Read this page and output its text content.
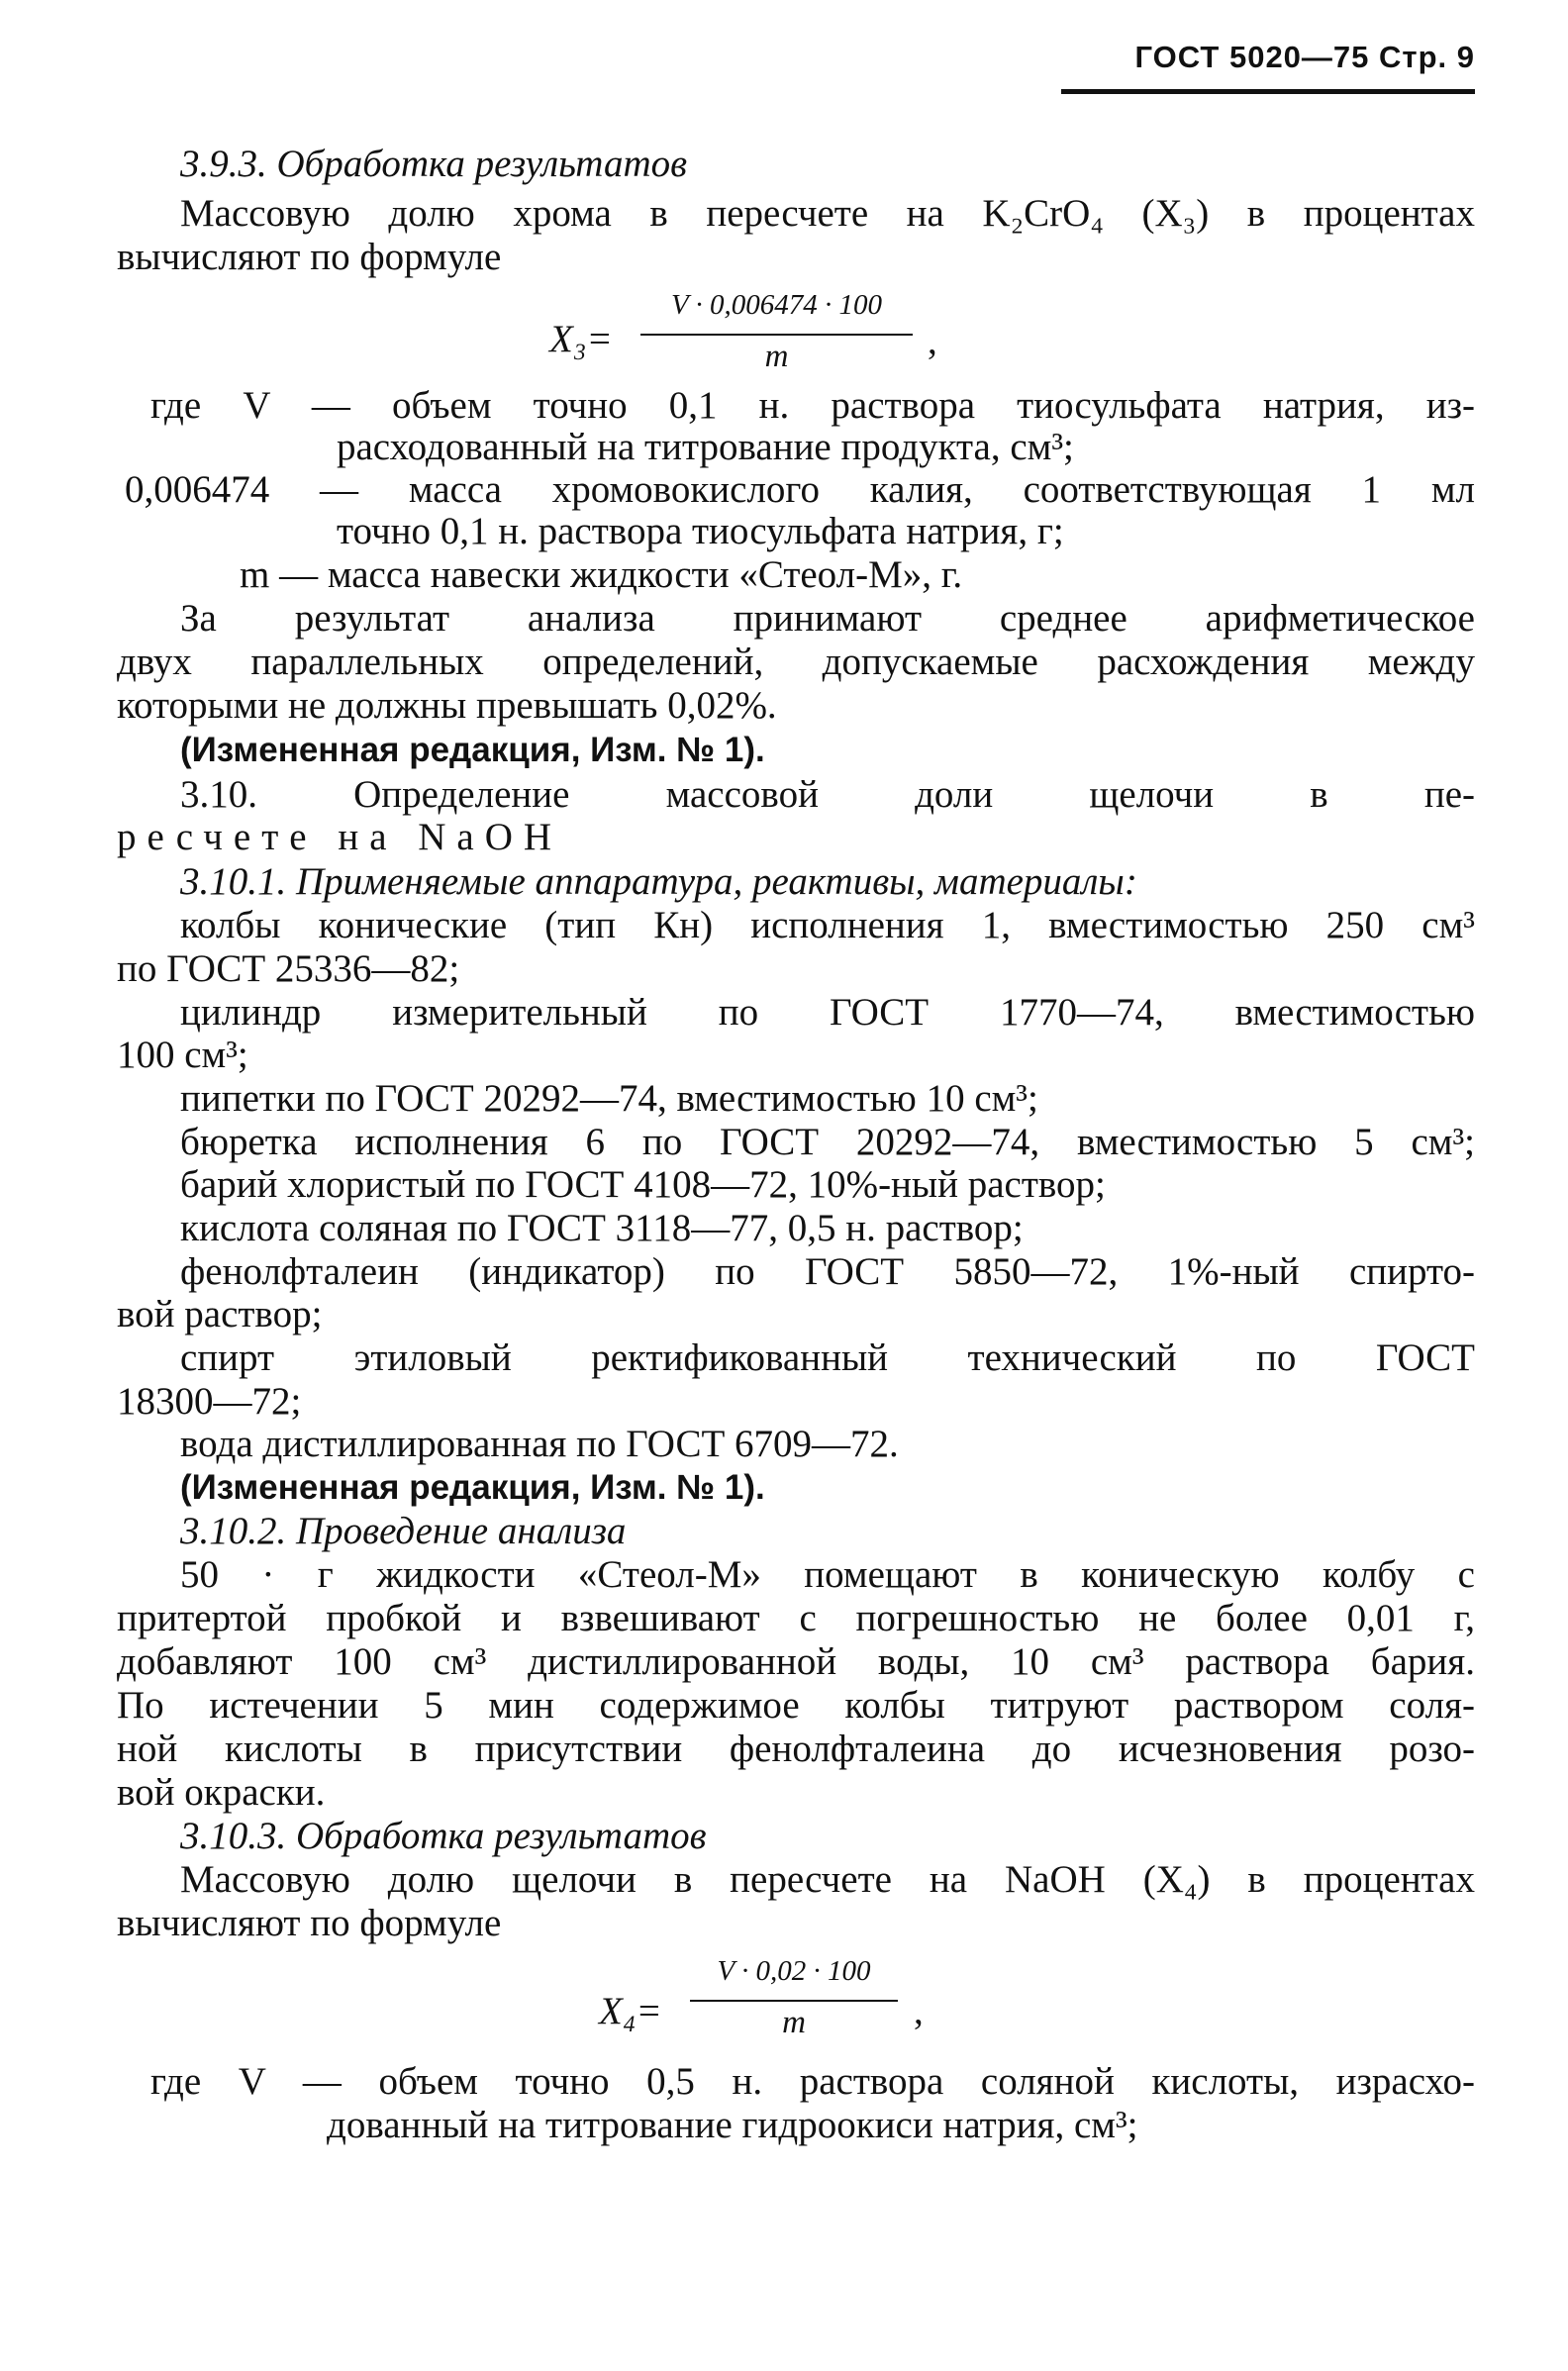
ГОСТ 5020—75 Стр. 9
3.9.3. Обработка результатов
Массовую долю хрома в пересчете на K₂CrO₄ (X₃) в процентах
вычисляют по формуле
X₃=
V · 0,006474 · 100
m	,
где V — объем точно 0,1 н. раствора тиосульфата натрия, из-
расходованный на титрование продукта, см³;
0,006474 — масса хромовокислого калия, соответствующая 1 мл
точно 0,1 н. раствора тиосульфата натрия, г;
m — масса навески жидкости «Стеол-М», г.
За результат анализа принимают среднее арифметическое
двух параллельных определений, допускаемые расхождения между
которыми не должны превышать 0,02%.
(Измененная редакция, Изм. № 1).
3.10. Определение массовой доли щелочи в пе-
ресчете на NaOH
3.10.1. Применяемые аппаратура, реактивы, материалы:
колбы конические (тип Кн) исполнения 1, вместимостью 250 см³
по ГОСТ 25336—82;
цилиндр измерительный по ГОСТ 1770—74, вместимостью
100 см³;
пипетки по ГОСТ 20292—74, вместимостью 10 см³;
бюретка исполнения 6 по ГОСТ 20292—74, вместимостью 5 см³;
барий хлористый по ГОСТ 4108—72, 10%-ный раствор;
кислота соляная по ГОСТ 3118—77, 0,5 н. раствор;
фенолфталеин (индикатор) по ГОСТ 5850—72, 1%-ный спирто-
вой раствор;
спирт этиловый ректификованный технический по ГОСТ
18300—72;
вода дистиллированная по ГОСТ 6709—72.
(Измененная редакция, Изм. № 1).
3.10.2. Проведение анализа
50 · г жидкости «Стеол-М» помещают в коническую колбу с
притертой пробкой и взвешивают с погрешностью не более 0,01 г,
добавляют 100 см³ дистиллированной воды, 10 см³ раствора бария.
По истечении 5 мин содержимое колбы титруют раствором соля-
ной кислоты в присутствии фенолфталеина до исчезновения розо-
вой окраски.
3.10.3. Обработка результатов
Массовую долю щелочи в пересчете на NaOH (X₄) в процентах
вычисляют по формуле
X₄=
V · 0,02 · 100
m	,
где V — объем точно 0,5 н. раствора соляной кислоты, израсхо-
дованный на титрование гидроокиси натрия, см³;
